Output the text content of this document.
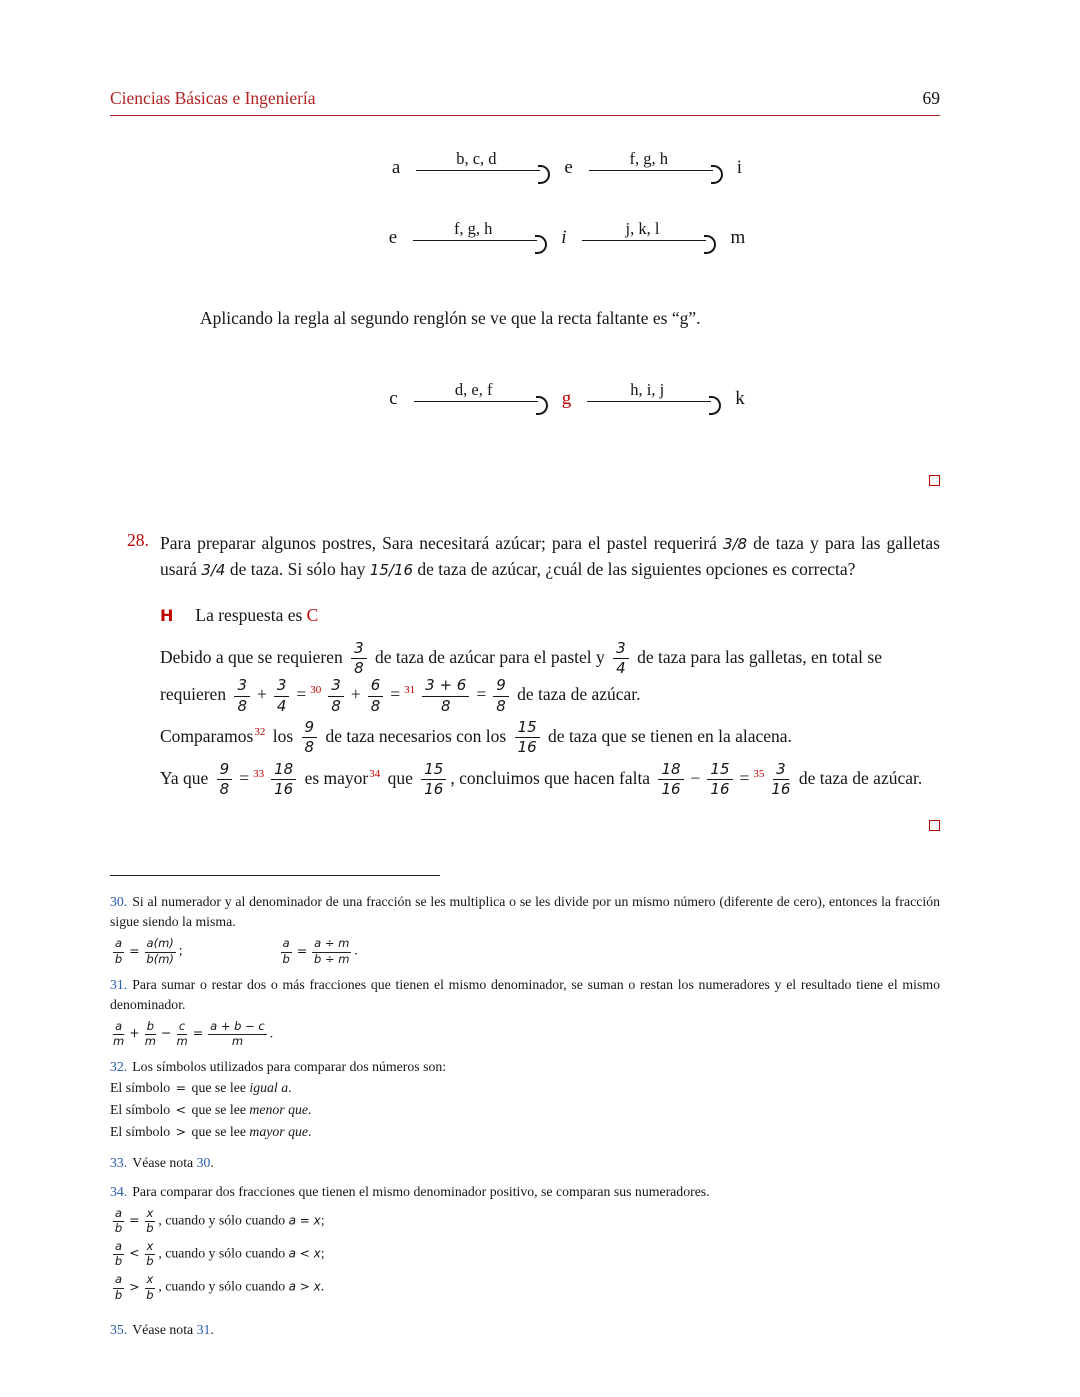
Ciencias Básicas e Ingeniería	69
a	b, c, d	e	f, g, h	i
e	f, g, h	i	j, k, l	m

Aplicando la regla al segundo renglón se ve que la recta faltante es “g”.

c	d, e, f	g	h, i, j	k
28. Para preparar algunos postres, Sara necesitará azúcar; para el pastel requerirá 3/8 de taza y para las galletas usará 3/4 de taza. Si sólo hay 15/16 de taza de azúcar, ¿cuál de las siguientes opciones es correcta?

H La respuesta es C

Debido a que se requieren $\frac{3}{8}$ de taza de azúcar para el pastel y $\frac{3}{4}$ de taza para las galletas, en total se requieren $\frac{3}{8} + \frac{3}{4} = ^{30} \frac{3}{8} + \frac{6}{8} = ^{31} \frac{3 + 6}{8} = \frac{9}{8}$ de taza de azúcar.

Comparamos$^{32}$ los $\frac{9}{8}$ de taza necesarios con los $\frac{15}{16}$ de taza que se tienen en la alacena.

Ya que $\frac{9}{8} = ^{33} \frac{18}{16}$ es mayor$^{34}$ que $\frac{15}{16}$ , concluimos que hacen falta $\frac{18}{16} - \frac{15}{16} = ^{35} \frac{3}{16}$ de taza de azúcar.

30. Si al numerador y al denominador de una fracción se les multiplica o se les divide por un mismo número (diferente de cero), entonces la fracción sigue siendo la misma.

$\frac{a}{b} = \frac{a(m)}{b(m)}$ ;	$\frac{a}{b} = \frac{a \div m}{b \div m}$ .

31. Para sumar o restar dos o más fracciones que tienen el mismo denominador, se suman o restan los numeradores y el resultado tiene el mismo denominador.

$\frac{a}{m} + \frac{b}{m} - \frac{c}{m} = \frac{a + b - c}{m}$ .

32. Los símbolos utilizados para comparar dos números son:

El símbolo = que se lee igual a.
El símbolo < que se lee menor que.
El símbolo > que se lee mayor que.

33. Véase nota 30.

34. Para comparar dos fracciones que tienen el mismo denominador positivo, se comparan sus numeradores.

$\frac{a}{b} = \frac{x}{b}$ , cuando y sólo cuando a = x;
$\frac{a}{b} < \frac{x}{b}$ , cuando y sólo cuando a < x;
$\frac{a}{b} > \frac{x}{b}$ , cuando y sólo cuando a > x.

35. Véase nota 31.
